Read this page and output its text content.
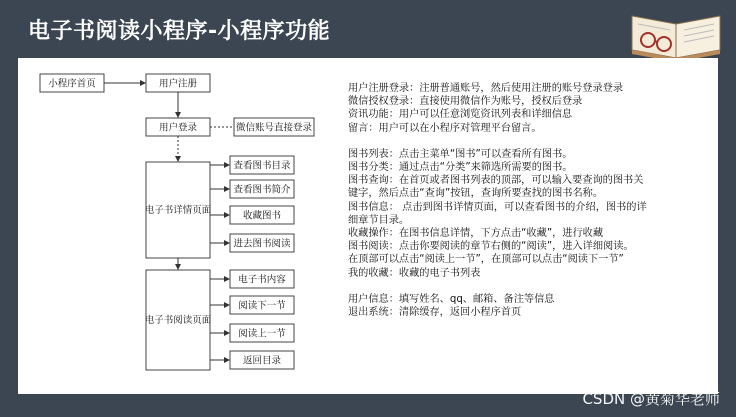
电子书阅读小程序-小程序功能
小程序首页	用户注册
用户登录	微信账号直接登录
电子书详情页面
查看图书目录
查看图书简介
收藏图书
进去图书阅读
电子书阅读页面
电子书内容
阅读下一节
阅读上一节
返回目录
用户注册登录：注册普通账号，然后使用注册的账号登录登录
微信授权登录：直接使用微信作为账号，授权后登录
资讯功能：用户可以任意浏览资讯列表和详细信息
留言：用户可以在小程序对管理平台留言。
图书列表：点击主菜单“图书”可以查看所有图书。
图书分类：通过点击“分类”来筛选所需要的图书。
图书查询：在首页或者图书列表的顶部，可以输入要查询的图书关
键字，然后点击“查询”按钮，查询所要查找的图书名称。
图书信息： 点击到图书详情页面，可以查看图书的介绍，图书的详
细章节目录。
收藏操作：在图书信息详情，下方点击“收藏”，进行收藏
图书阅读：点击你要阅读的章节右侧的“阅读”，进入详细阅读。
在顶部可以点击“阅读上一节”，在顶部可以点击“阅读下一节”
我的收藏：收藏的电子书列表
用户信息：填写姓名、qq、邮箱、备注等信息
退出系统：清除缓存，返回小程序首页
CSDN @黄菊华老师
